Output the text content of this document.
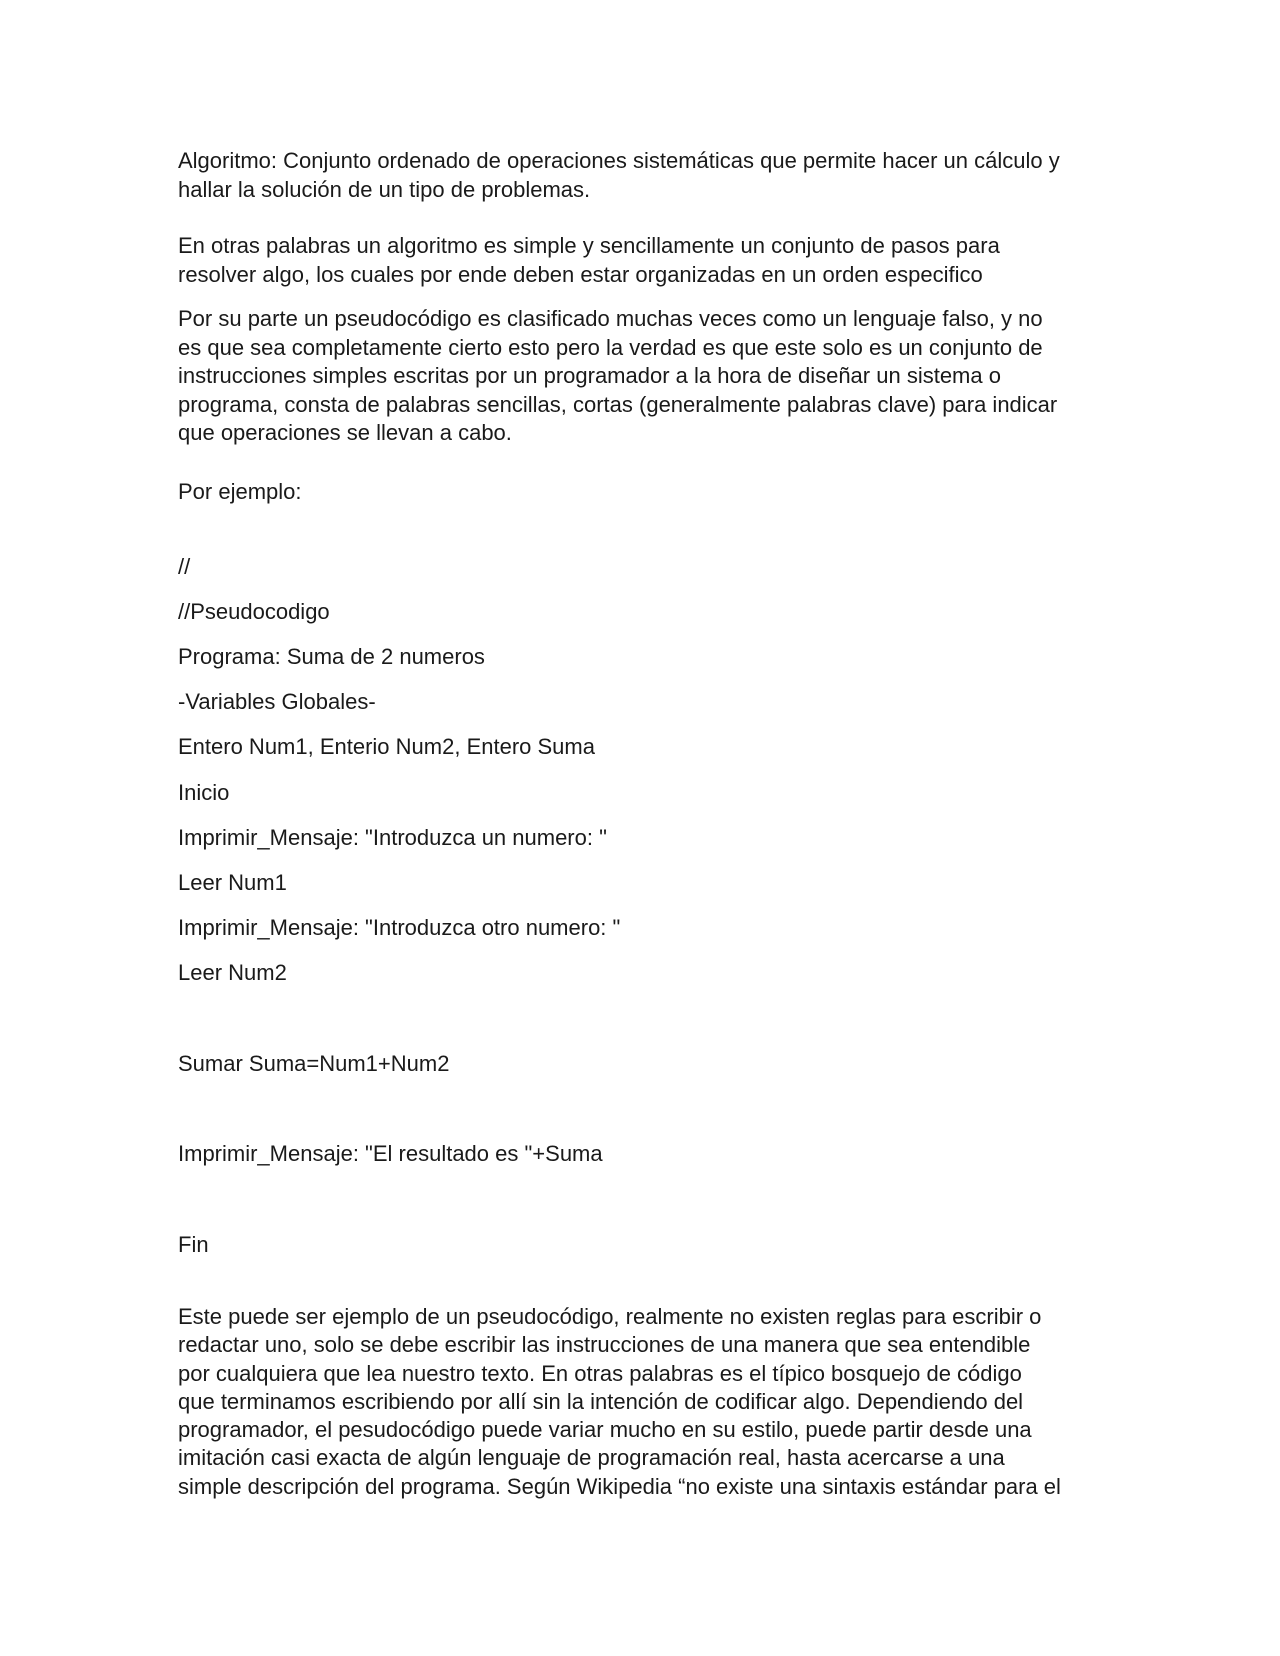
Algoritmo: Conjunto ordenado de operaciones sistemáticas que permite hacer un cálculo y
hallar la solución de un tipo de problemas.
En otras palabras un algoritmo es simple y sencillamente un conjunto de pasos para
resolver algo, los cuales por ende deben estar organizadas en un orden especifico
Por su parte un pseudocódigo es clasificado muchas veces como un lenguaje falso, y no
es que sea completamente cierto esto pero la verdad es que este solo es un conjunto de
instrucciones simples escritas por un programador a la hora de diseñar un sistema o
programa, consta de palabras sencillas, cortas (generalmente palabras clave) para indicar
que operaciones se llevan a cabo.
Por ejemplo:
//
//Pseudocodigo
Programa: Suma de 2 numeros
-Variables Globales-
Entero Num1, Enterio Num2, Entero Suma
Inicio
Imprimir_Mensaje: "Introduzca un numero: "
Leer Num1
Imprimir_Mensaje: "Introduzca otro numero: "
Leer Num2
Sumar Suma=Num1+Num2
Imprimir_Mensaje: "El resultado es "+Suma
Fin
Este puede ser ejemplo de un pseudocódigo, realmente no existen reglas para escribir o
redactar uno, solo se debe escribir las instrucciones de una manera que sea entendible
por cualquiera que lea nuestro texto. En otras palabras es el típico bosquejo de código
que terminamos escribiendo por allí sin la intención de codificar algo. Dependiendo del
programador, el pesudocódigo puede variar mucho en su estilo, puede partir desde una
imitación casi exacta de algún lenguaje de programación real, hasta acercarse a una
simple descripción del programa. Según Wikipedia “no existe una sintaxis estándar para el
